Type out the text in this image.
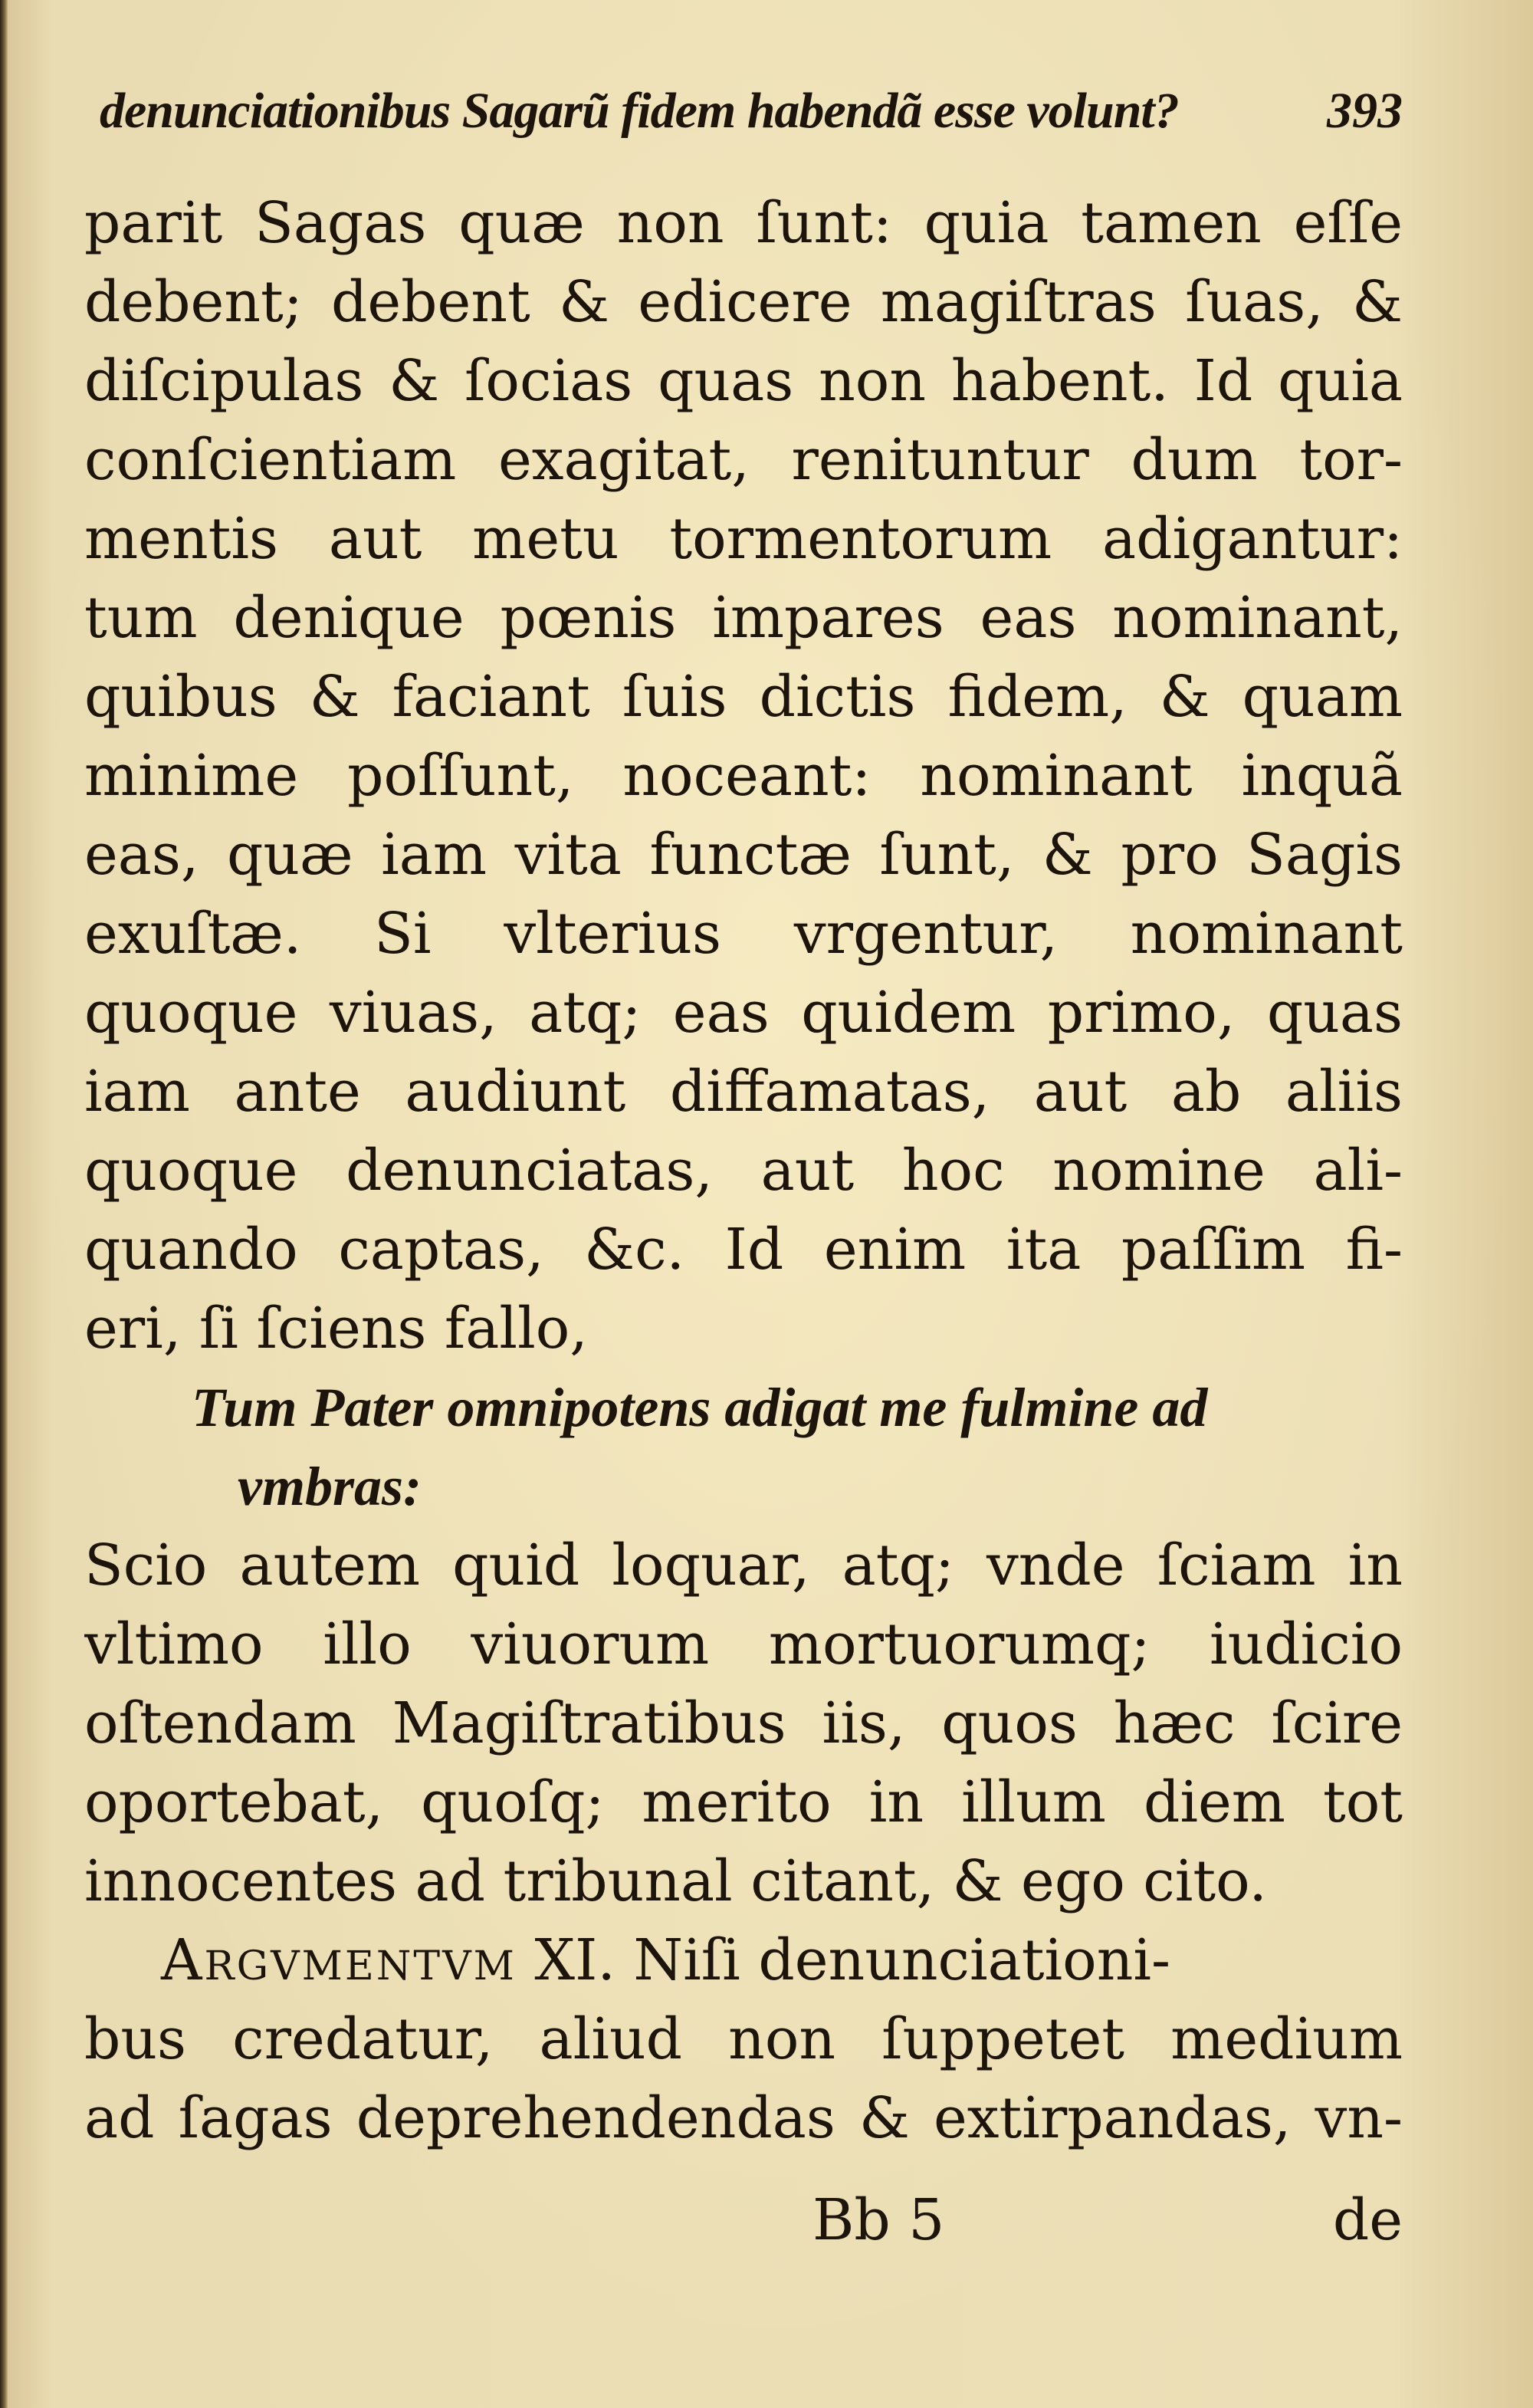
denunciationibus Sagarũ fidem habendã esse volunt?	393
parit Sagas quæ non ſunt: quia tamen eſſe
debent; debent & edicere magiſtras ſuas, &
diſcipulas & ſocias quas non habent. Id quia
conſcientiam exagitat, renituntur dum tor-
mentis aut metu tormentorum adigantur:
tum denique pœnis impares eas nominant,
quibus & faciant ſuis dictis fidem, & quam
minime poſſunt, noceant: nominant inquã
eas, quæ iam vita functæ ſunt, & pro Sagis
exuſtæ. Si vlterius vrgentur, nominant
quoque viuas, atq; eas quidem primo, quas
iam ante audiunt diffamatas, aut ab aliis
quoque denunciatas, aut hoc nomine ali-
quando captas, &c. Id enim ita paſſim fi-
eri, ſi ſciens fallo,
Tum Pater omnipotens adigat me fulmine ad
vmbras:
Scio autem quid loquar, atq; vnde ſciam in
vltimo illo viuorum mortuorumq; iudicio
oſtendam Magiſtratibus iis, quos hæc ſcire
oportebat, quoſq; merito in illum diem tot
innocentes ad tribunal citant, & ego cito.
Argvmentvm XI. Niſi denunciationi-
bus credatur, aliud non ſuppetet medium
ad ſagas deprehendendas & extirpandas, vn-
Bb 5	de
